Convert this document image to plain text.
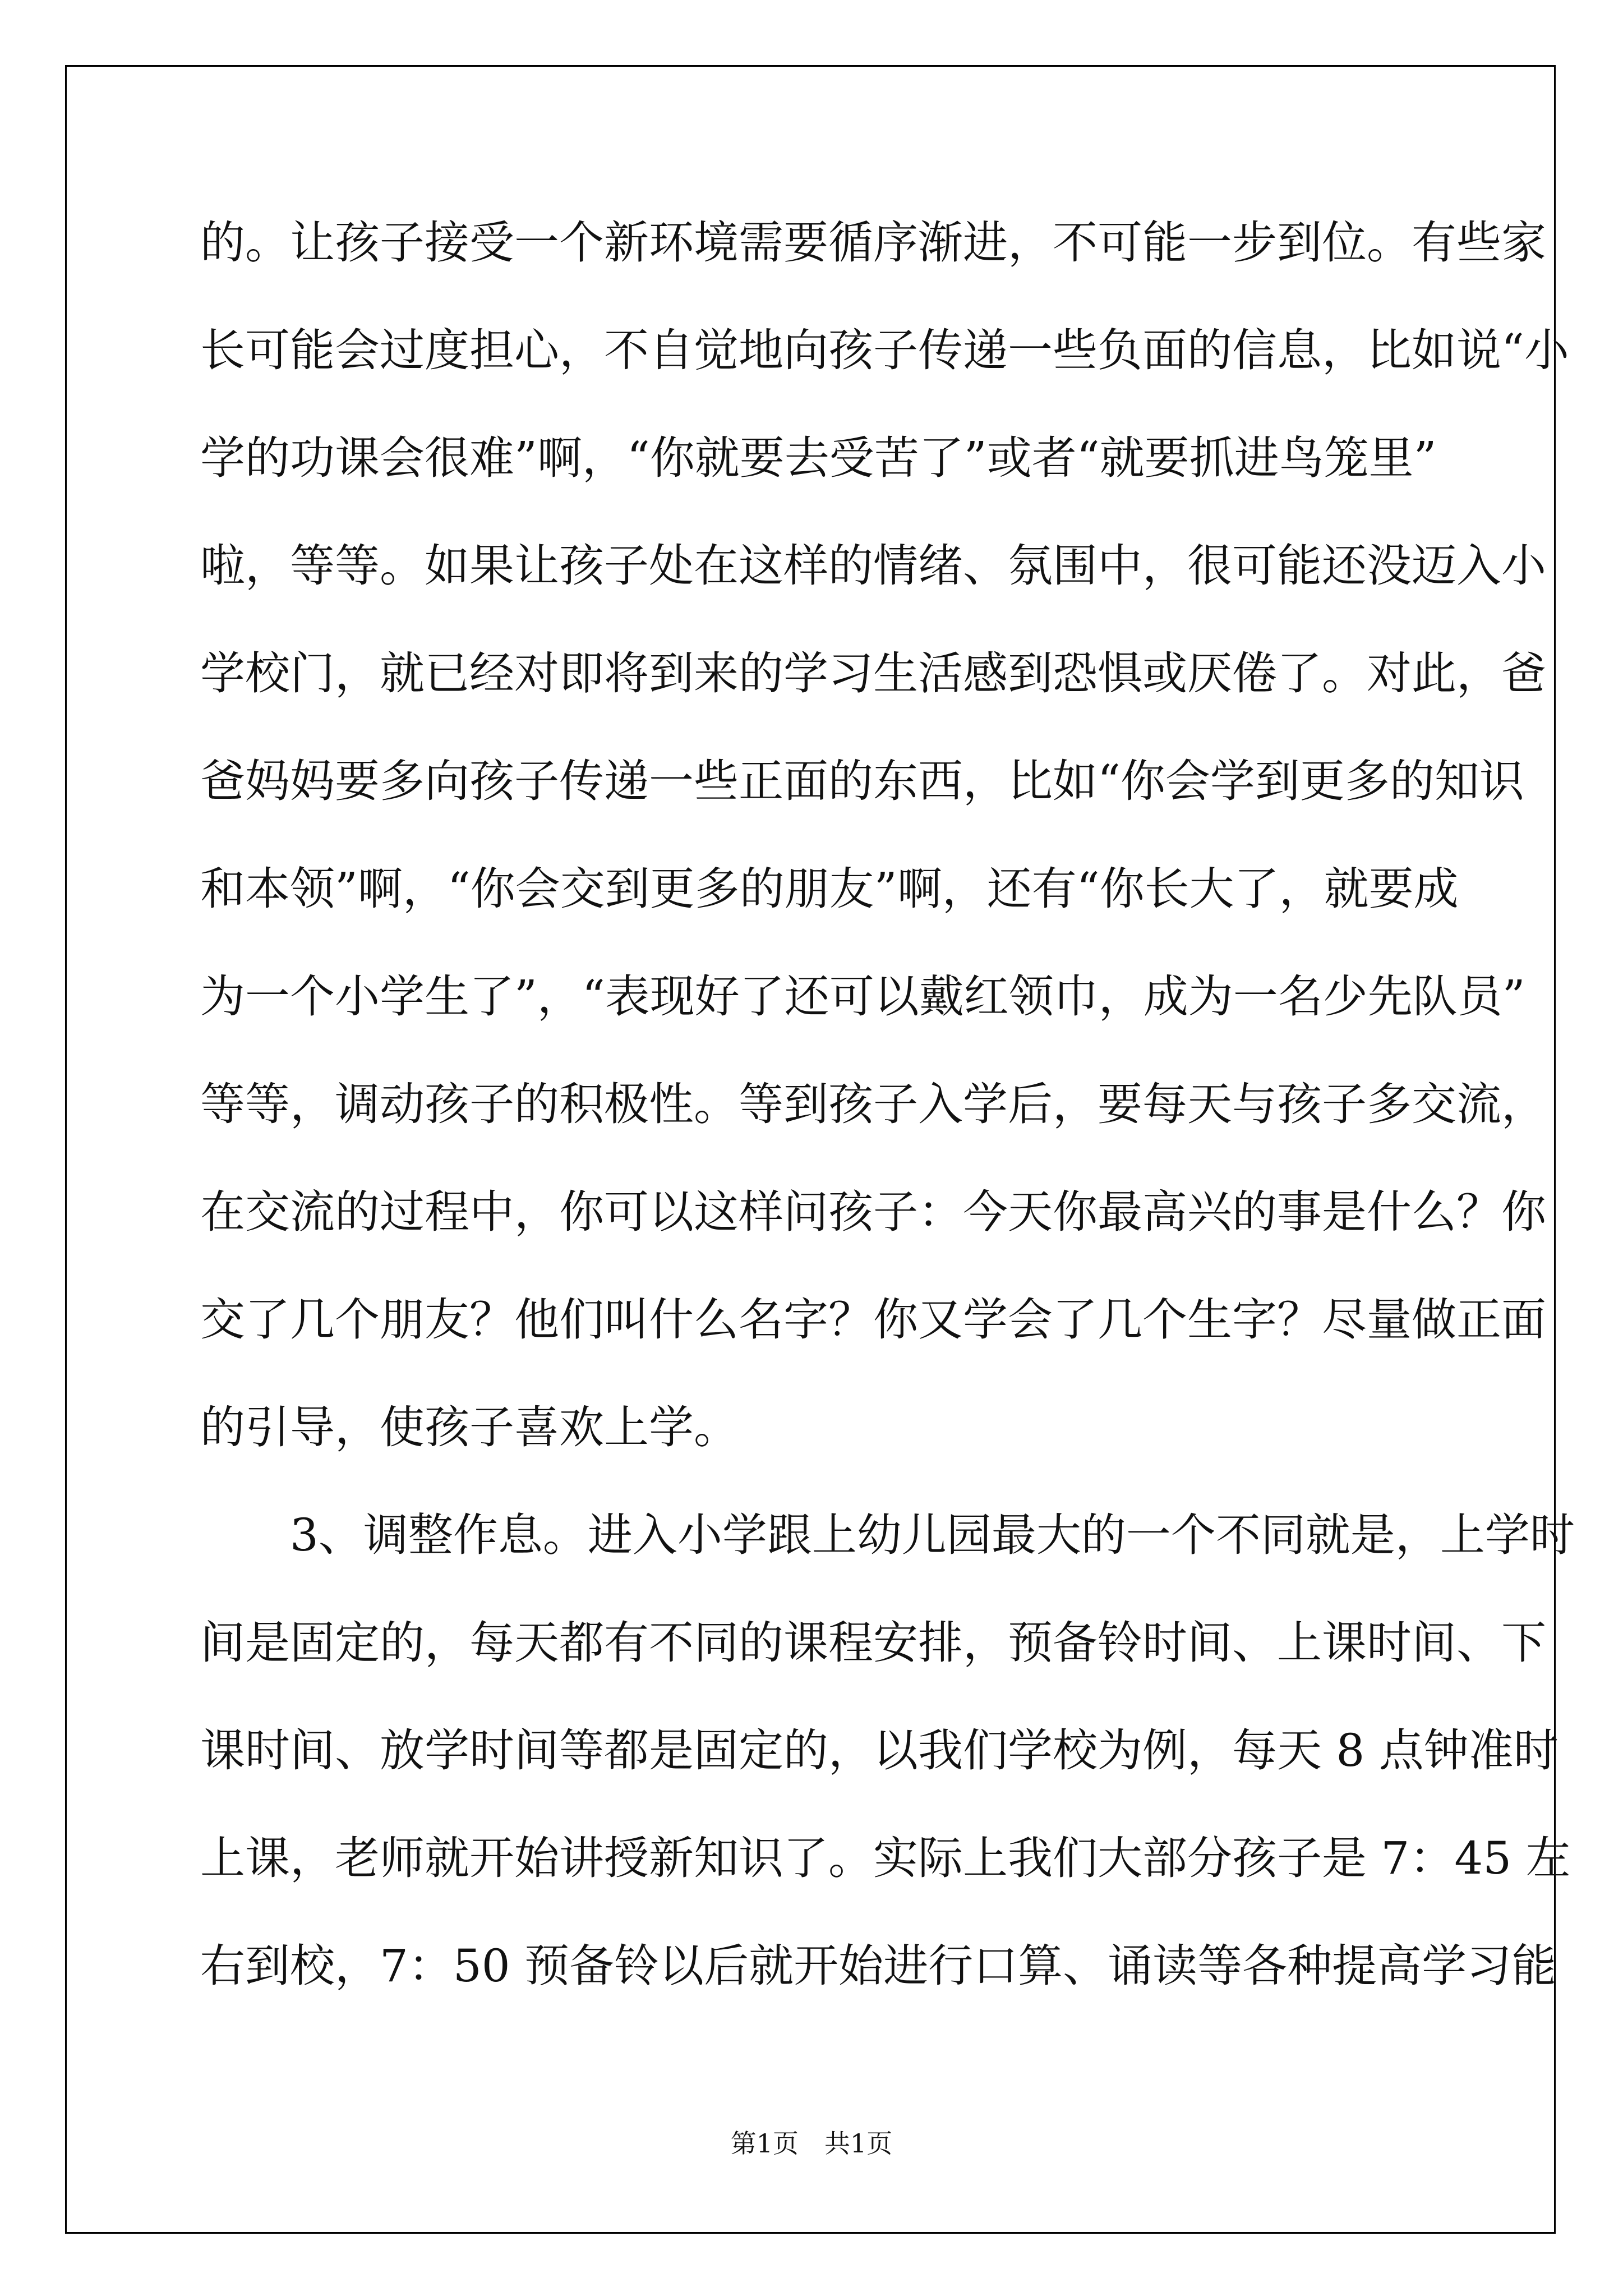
的。让孩子接受一个新环境需要循序渐进，不可能一步到位。有些家
长可能会过度担心，不自觉地向孩子传递一些负面的信息，比如说“小
学的功课会很难”啊，“你就要去受苦了”或者“就要抓进鸟笼里”
啦，等等。如果让孩子处在这样的情绪、氛围中，很可能还没迈入小
学校门，就已经对即将到来的学习生活感到恐惧或厌倦了。对此，爸
爸妈妈要多向孩子传递一些正面的东西，比如“你会学到更多的知识
和本领”啊，“你会交到更多的朋友”啊，还有“你长大了，就要成
为一个小学生了”，“表现好了还可以戴红领巾，成为一名少先队员”
等等，调动孩子的积极性。等到孩子入学后，要每天与孩子多交流，
在交流的过程中，你可以这样问孩子：今天你最高兴的事是什么？你
交了几个朋友？他们叫什么名字？你又学会了几个生字？尽量做正面
的引导，使孩子喜欢上学。
　　3、调整作息。进入小学跟上幼儿园最大的一个不同就是，上学时
间是固定的，每天都有不同的课程安排，预备铃时间、上课时间、下
课时间、放学时间等都是固定的，以我们学校为例，每天 8 点钟准时
上课，老师就开始讲授新知识了。实际上我们大部分孩子是 7：45 左
右到校，7：50 预备铃以后就开始进行口算、诵读等各种提高学习能
第1页　共1页
